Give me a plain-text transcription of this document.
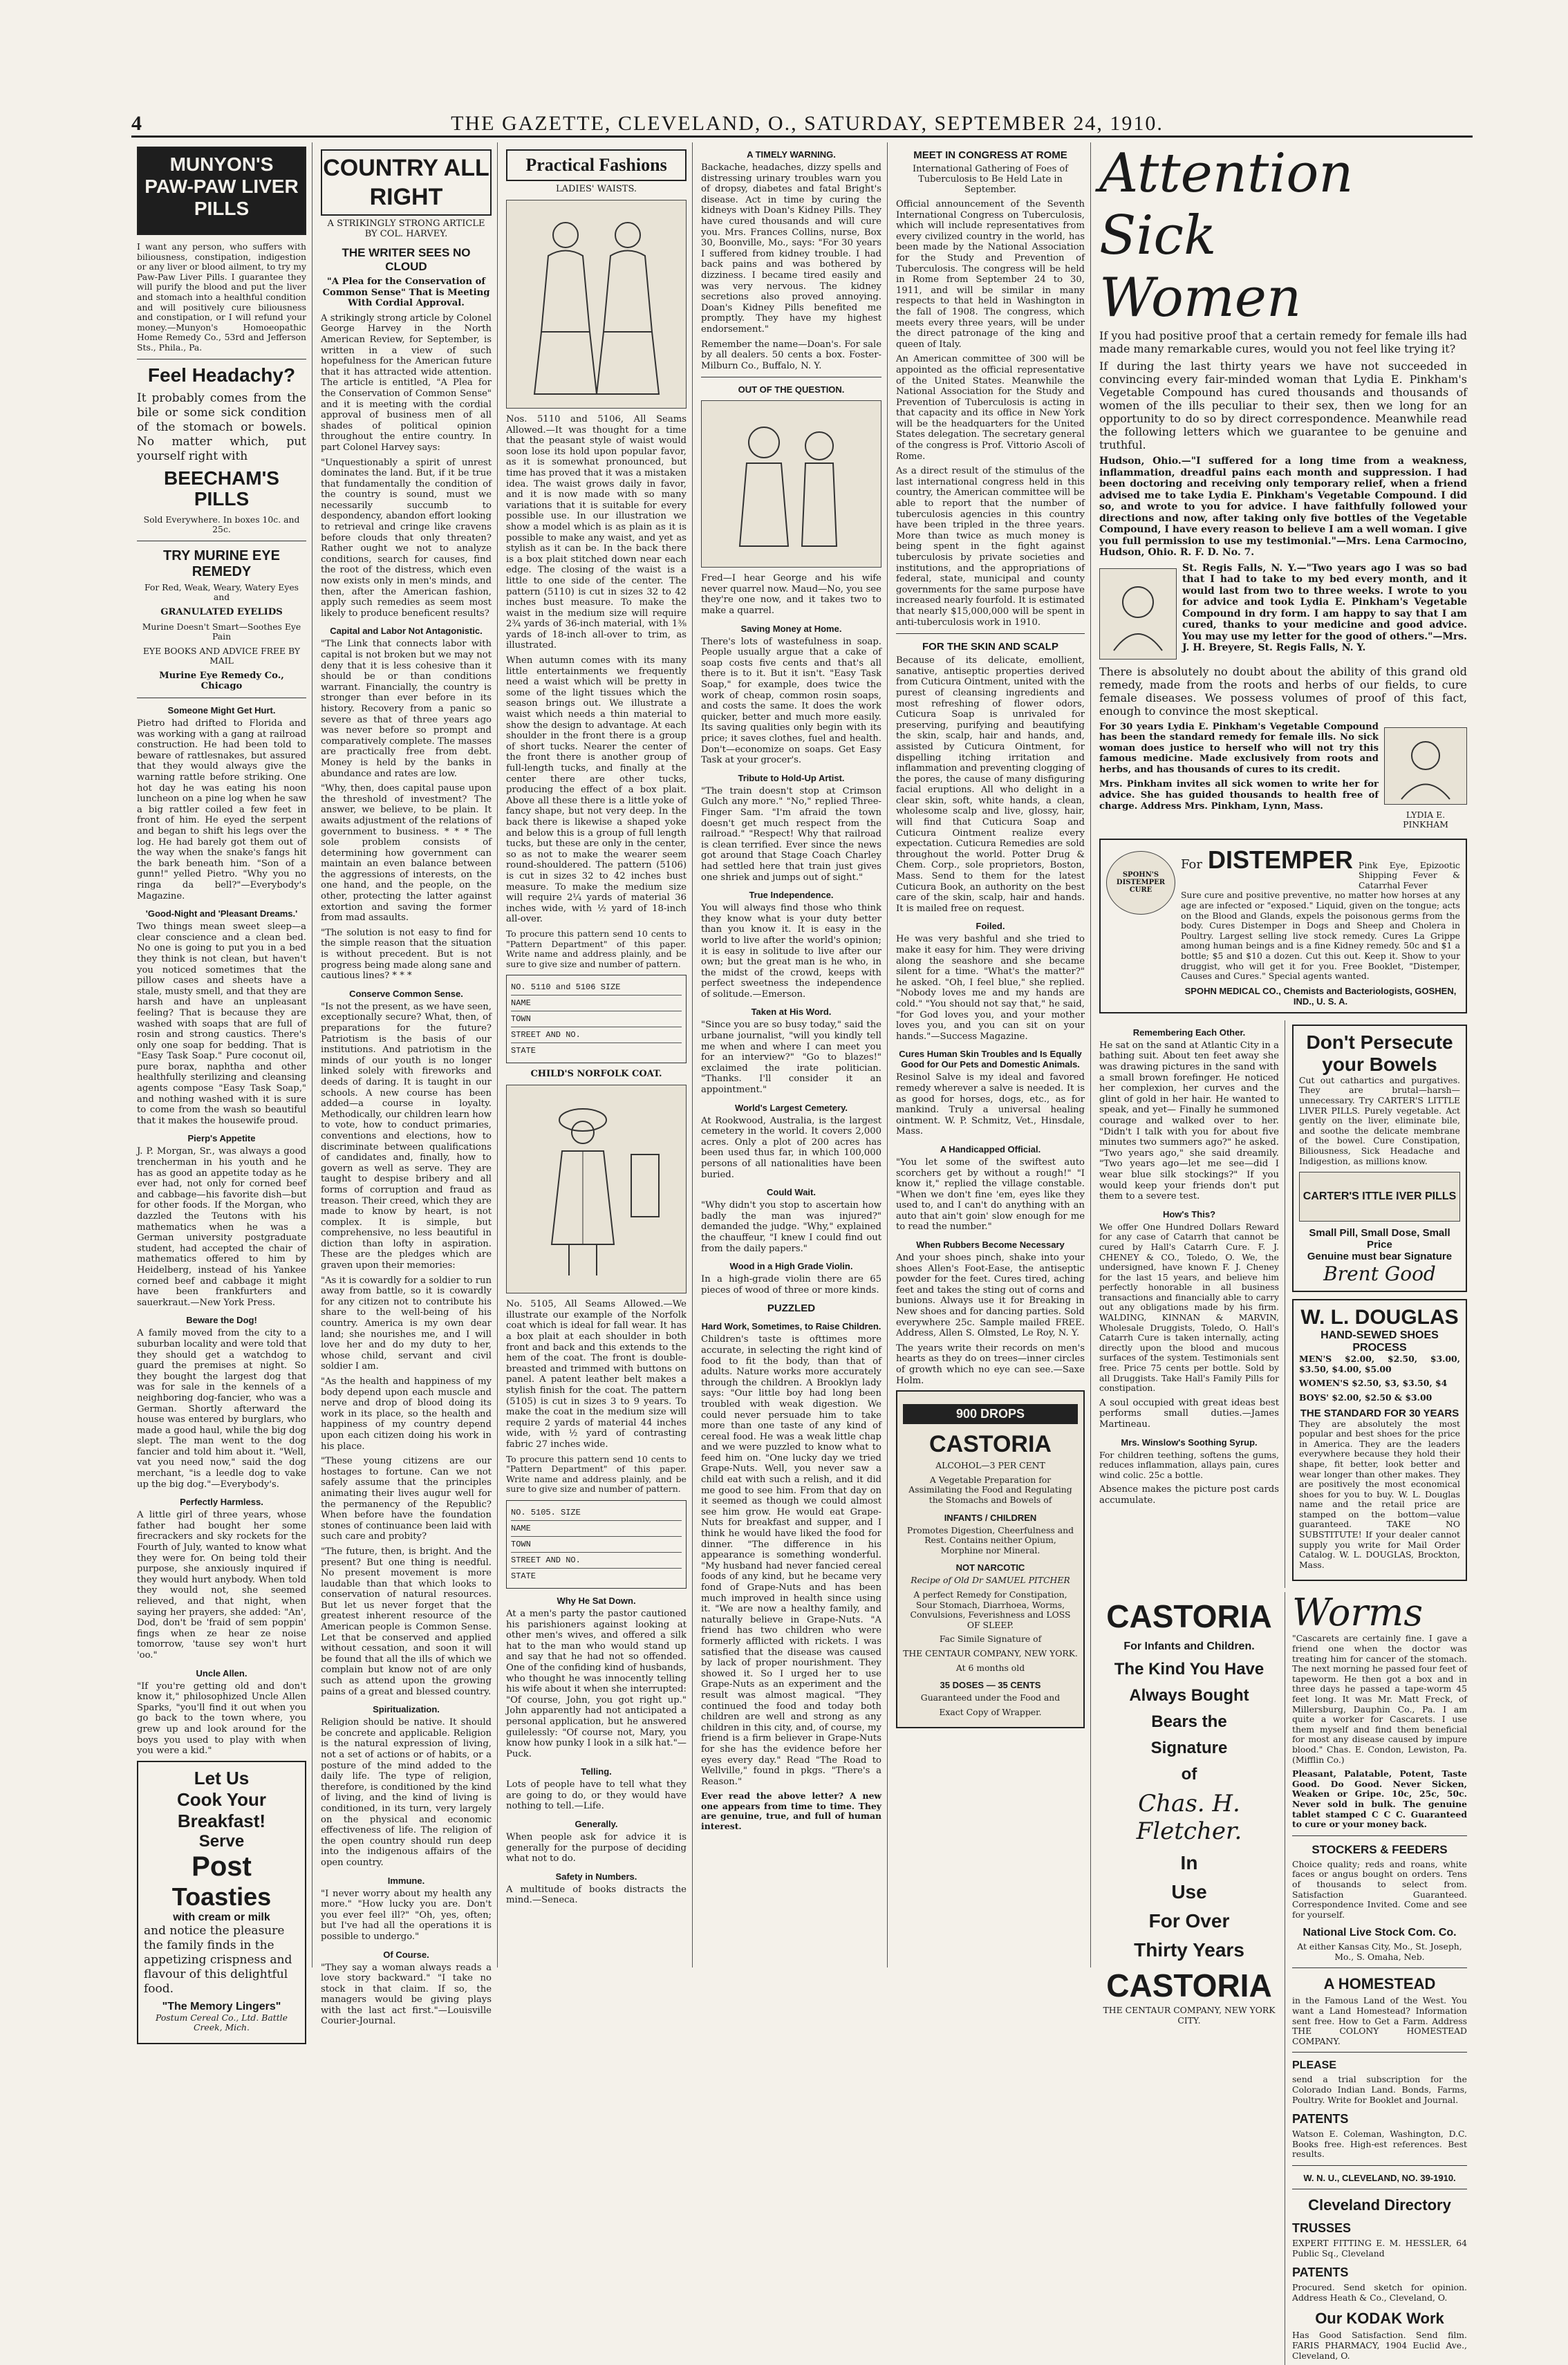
4	THE GAZETTE, CLEVELAND, O., SATURDAY, SEPTEMBER 24, 1910.
MUNYON'S PAW-PAW LIVER PILLS

I want any person, who suffers with biliousness, constipation, indigestion or any liver or blood ailment, to try my Paw-Paw Liver Pills. I guarantee they will purify the blood and put the liver and stomach into a healthful condition and will positively cure biliousness and constipation, or I will refund your money.—Munyon's Homoeopathic Home Remedy Co., 53rd and Jefferson Sts., Phila., Pa.

Feel Headachy?

It probably comes from the bile or some sick condition of the stomach or bowels. No matter which, put yourself right with

BEECHAM'S PILLS

Sold Everywhere. In boxes 10c. and 25c.

TRY MURINE EYE REMEDY

For Red, Weak, Weary, Watery Eyes and

GRANULATED EYELIDS

Murine Doesn't Smart—Soothes Eye Pain

EYE BOOKS AND ADVICE FREE BY MAIL

Murine Eye Remedy Co., Chicago

Someone Might Get Hurt.

Pietro had drifted to Florida and was working with a gang at railroad construction. He had been told to beware of rattlesnakes, but assured that they would always give the warning rattle before striking. One hot day he was eating his noon luncheon on a pine log when he saw a big rattler coiled a few feet in front of him. He eyed the serpent and began to shift his legs over the log. He had barely got them out of the way when the snake's fangs hit the bark beneath him. "Son of a gunn!" yelled Pietro. "Why you no ringa da bell?"—Everybody's Magazine.

'Good-Night and 'Pleasant Dreams.'

Two things mean sweet sleep—a clear conscience and a clean bed. No one is going to put you in a bed they think is not clean, but haven't you noticed sometimes that the pillow cases and sheets have a stale, musty smell, and that they are harsh and have an unpleasant feeling? That is because they are washed with soaps that are full of rosin and strong caustics. There's only one soap for bedding. That is "Easy Task Soap." Pure coconut oil, pure borax, naphtha and other healthfully sterilizing and cleansing agents compose "Easy Task Soap," and nothing washed with it is sure to come from the wash so beautiful that it makes the housewife proud.

Pierp's Appetite

J. P. Morgan, Sr., was always a good trencherman in his youth and he has as good an appetite today as he ever had, not only for corned beef and cabbage—his favorite dish—but for other foods. If the Morgan, who dazzled the Teutons with his mathematics when he was a German university postgraduate student, had accepted the chair of mathematics offered to him by Heidelberg, instead of his Yankee corned beef and cabbage it might have been frankfurters and sauerkraut.—New York Press.

Beware the Dog!

A family moved from the city to a suburban locality and were told that they should get a watchdog to guard the premises at night. So they bought the largest dog that was for sale in the kennels of a neighboring dog-fancier, who was a German. Shortly afterward the house was entered by burglars, who made a good haul, while the big dog slept. The man went to the dog fancier and told him about it. "Well, vat you need now," said the dog merchant, "is a leedle dog to vake up the big dog."—Everybody's.

Perfectly Harmless.

A little girl of three years, whose father had bought her some firecrackers and sky rockets for the Fourth of July, wanted to know what they were for. On being told their purpose, she anxiously inquired if they would hurt anybody. When told they would not, she seemed relieved, and that night, when saying her prayers, she added: "An', Dod, don't be 'fraid of sem poppin' fings when ze hear ze noise tomorrow, 'tause sey won't hurt 'oo."

Uncle Allen.

"If you're getting old and don't know it," philosophized Uncle Allen Sparks, "you'll find it out when you go back to the town where, you grew up and look around for the boys you used to play with when you were a kid."

Let Us
Cook Your
Breakfast!
Serve
Post
Toasties
with cream or milk

and notice the pleasure the family finds in the appetizing crispness and flavour of this delightful food.

"The Memory Lingers"

Postum Cereal Co., Ltd. Battle Creek, Mich.

COUNTRY ALL RIGHT
A STRIKINGLY STRONG ARTICLE BY COL. HARVEY.
THE WRITER SEES NO CLOUD

"A Plea for the Conservation of Common Sense" That is Meeting With Cordial Approval.

A strikingly strong article by Colonel George Harvey in the North American Review, for September, is written in a view of such hopefulness for the American future that it has attracted wide attention. The article is entitled, "A Plea for the Conservation of Common Sense" and it is meeting with the cordial approval of business men of all shades of political opinion throughout the entire country. In part Colonel Harvey says:

"Unquestionably a spirit of unrest dominates the land. But, if it be true that fundamentally the condition of the country is sound, must we necessarily succumb to despondency, abandon effort looking to retrieval and cringe like cravens before clouds that only threaten? Rather ought we not to analyze conditions, search for causes, find the root of the distress, which even now exists only in men's minds, and then, after the American fashion, apply such remedies as seem most likely to produce beneficent results?

Capital and Labor Not Antagonistic.

"The Link that connects labor with capital is not broken but we may not deny that it is less cohesive than it should be or than conditions warrant. Financially, the country is stronger than ever before in its history. Recovery from a panic so severe as that of three years ago was never before so prompt and comparatively complete. The masses are practically free from debt. Money is held by the banks in abundance and rates are low.

"Why, then, does capital pause upon the threshold of investment? The answer, we believe, to be plain. It awaits adjustment of the relations of government to business. * * * The sole problem consists of determining how government can maintain an even balance between the aggressions of interests, on the one hand, and the people, on the other, protecting the latter against extortion and saving the former from mad assaults.

"The solution is not easy to find for the simple reason that the situation is without precedent. But is not progress being made along sane and cautious lines? * * *

Conserve Common Sense.

"Is not the present, as we have seen, exceptionally secure? What, then, of preparations for the future? Patriotism is the basis of our institutions. And patriotism in the minds of our youth is no longer linked solely with fireworks and deeds of daring. It is taught in our schools. A new course has been added—a course in loyalty. Methodically, our children learn how to vote, how to conduct primaries, conventions and elections, how to discriminate between qualifications of candidates and, finally, how to govern as well as serve. They are taught to despise bribery and all forms of corruption and fraud as treason. Their creed, which they are made to know by heart, is not complex. It is simple, but comprehensive, no less beautiful in diction than lofty in aspiration. These are the pledges which are graven upon their memories:

"As it is cowardly for a soldier to run away from battle, so it is cowardly for any citizen not to contribute his share to the well-being of his country. America is my own dear land; she nourishes me, and I will love her and do my duty to her, whose child, servant and civil soldier I am.

"As the health and happiness of my body depend upon each muscle and nerve and drop of blood doing its work in its place, so the health and happiness of my country depend upon each citizen doing his work in his place.

"These young citizens are our hostages to fortune. Can we not safely assume that the principles animating their lives augur well for the permanency of the Republic? When before have the foundation stones of continuance been laid with such care and probity?

"The future, then, is bright. And the present? But one thing is needful. No present movement is more laudable than that which looks to conservation of natural resources. But let us never forget that the greatest inherent resource of the American people is Common Sense. Let that be conserved and applied without cessation, and soon it will be found that all the ills of which we complain but know not of are only such as attend upon the growing pains of a great and blessed country.

Spiritualization.

Religion should be native. It should be concrete and applicable. Religion is the natural expression of living, not a set of actions or of habits, or a posture of the mind added to the daily life. The type of religion, therefore, is conditioned by the kind of living, and the kind of living is conditioned, in its turn, very largely on the physical and economic effectiveness of life. The religion of the open country should run deep into the indigenous affairs of the open country.

Immune.

"I never worry about my health any more." "How lucky you are. Don't you ever feel ill?" "Oh, yes, often; but I've had all the operations it is possible to undergo."

Of Course.

"They say a woman always reads a love story backward." "I take no stock in that claim. If so, the managers would be giving plays with the last act first."—Louisville Courier-Journal.

Practical Fashions
LADIES' WAISTS.

Nos. 5110 and 5106, All Seams Allowed.—It was thought for a time that the peasant style of waist would soon lose its hold upon popular favor, as it is somewhat pronounced, but time has proved that it was a mistaken idea. The waist grows daily in favor, and it is now made with so many variations that it is suitable for every possible use. In our illustration we show a model which is as plain as it is possible to make any waist, and yet as stylish as it can be. In the back there is a box plait stitched down near each edge. The closing of the waist is a little to one side of the center. The pattern (5110) is cut in sizes 32 to 42 inches bust measure. To make the waist in the medium size will require 2¾ yards of 36-inch material, with 1⅜ yards of 18-inch all-over to trim, as illustrated.

When autumn comes with its many little entertainments we frequently need a waist which will be pretty in some of the light tissues which the season brings out. We illustrate a waist which needs a thin material to show the design to advantage. At each shoulder in the front there is a group of short tucks. Nearer the center of the front there is another group of full-length tucks, and finally at the center there are other tucks, producing the effect of a box plait. Above all these there is a little yoke of fancy shape, but not very deep. In the back there is likewise a shaped yoke and below this is a group of full length tucks, but these are only in the center, so as not to make the wearer seem round-shouldered. The pattern (5106) is cut in sizes 32 to 42 inches bust measure. To make the medium size will require 2¼ yards of material 36 inches wide, with ½ yard of 18-inch all-over.

To procure this pattern send 10 cents to "Pattern Department" of this paper. Write name and address plainly, and be sure to give size and number of pattern.

NO. 5110 and 5106 SIZE
NAME
TOWN
STREET AND NO.
STATE
CHILD'S NORFOLK COAT.

No. 5105, All Seams Allowed.—We illustrate our example of the Norfolk coat which is ideal for fall wear. It has a box plait at each shoulder in both front and back and this extends to the hem of the coat. The front is double-breasted and trimmed with buttons on panel. A patent leather belt makes a stylish finish for the coat. The pattern (5105) is cut in sizes 3 to 9 years. To make the coat in the medium size will require 2 yards of material 44 inches wide, with ½ yard of contrasting fabric 27 inches wide.

To procure this pattern send 10 cents to "Pattern Department" of this paper. Write name and address plainly, and be sure to give size and number of pattern.

NO. 5105. SIZE
NAME
TOWN
STREET AND NO.
STATE
Why He Sat Down.

At a men's party the pastor cautioned his parishioners against looking at other men's wives, and offered a silk hat to the man who would stand up and say that he had not so offended. One of the confiding kind of husbands, who thought he was innocently telling his wife about it when she interrupted: "Of course, John, you got right up." John apparently had not anticipated a personal application, but he answered guilelessly: "Of course not, Mary, you know how punky I look in a silk hat."—Puck.

Telling.

Lots of people have to tell what they are going to do, or they would have nothing to tell.—Life.

Generally.

When people ask for advice it is generally for the purpose of deciding what not to do.

Safety in Numbers.

A multitude of books distracts the mind.—Seneca.

A TIMELY WARNING.

Backache, headaches, dizzy spells and distressing urinary troubles warn you of dropsy, diabetes and fatal Bright's disease. Act in time by curing the kidneys with Doan's Kidney Pills. They have cured thousands and will cure you. Mrs. Frances Collins, nurse, Box 30, Boonville, Mo., says: "For 30 years I suffered from kidney trouble. I had back pains and was bothered by dizziness. I became tired easily and was very nervous. The kidney secretions also proved annoying. Doan's Kidney Pills benefited me promptly. They have my highest endorsement."

Remember the name—Doan's. For sale by all dealers. 50 cents a box. Foster-Milburn Co., Buffalo, N. Y.

OUT OF THE QUESTION.

Fred—I hear George and his wife never quarrel now. Maud—No, you see they're one now, and it takes two to make a quarrel.

Saving Money at Home.

There's lots of wastefulness in soap. People usually argue that a cake of soap costs five cents and that's all there is to it. But it isn't. "Easy Task Soap," for example, does twice the work of cheap, common rosin soaps, and costs the same. It does the work quicker, better and much more easily. Its saving qualities only begin with its price; it saves clothes, fuel and health. Don't—economize on soaps. Get Easy Task at your grocer's.

Tribute to Hold-Up Artist.

"The train doesn't stop at Crimson Gulch any more." "No," replied Three-Finger Sam. "I'm afraid the town doesn't get much respect from the railroad." "Respect! Why that railroad is clean terrified. Ever since the news got around that Stage Coach Charley had settled here that train just gives one shriek and jumps out of sight."

True Independence.

You will always find those who think they know what is your duty better than you know it. It is easy in the world to live after the world's opinion; it is easy in solitude to live after our own; but the great man is he who, in the midst of the crowd, keeps with perfect sweetness the independence of solitude.—Emerson.

Taken at His Word.

"Since you are so busy today," said the urbane journalist, "will you kindly tell me when and where I can meet you for an interview?" "Go to blazes!" exclaimed the irate politician. "Thanks. I'll consider it an appointment."

World's Largest Cemetery.

At Rookwood, Australia, is the largest cemetery in the world. It covers 2,000 acres. Only a plot of 200 acres has been used thus far, in which 100,000 persons of all nationalities have been buried.

Could Wait.

"Why didn't you stop to ascertain how badly the man was injured?" demanded the judge. "Why," explained the chauffeur, "I knew I could find out from the daily papers."

Wood in a High Grade Violin.

In a high-grade violin there are 65 pieces of wood of three or more kinds.

PUZZLED
Hard Work, Sometimes, to Raise Children.

Children's taste is ofttimes more accurate, in selecting the right kind of food to fit the body, than that of adults. Nature works more accurately through the children. A Brooklyn lady says: "Our little boy had long been troubled with weak digestion. We could never persuade him to take more than one taste of any kind of cereal food. He was a weak little chap and we were puzzled to know what to feed him on. "One lucky day we tried Grape-Nuts. Well, you never saw a child eat with such a relish, and it did me good to see him. From that day on it seemed as though we could almost see him grow. He would eat Grape-Nuts for breakfast and supper, and I think he would have liked the food for dinner. "The difference in his appearance is something wonderful. "My husband had never fancied cereal foods of any kind, but he became very fond of Grape-Nuts and has been much improved in health since using it. "We are now a healthy family, and naturally believe in Grape-Nuts. "A friend has two children who were formerly afflicted with rickets. I was satisfied that the disease was caused by lack of proper nourishment. They showed it. So I urged her to use Grape-Nuts as an experiment and the result was almost magical. "They continued the food and today both children are well and strong as any children in this city, and, of course, my friend is a firm believer in Grape-Nuts for she has the evidence before her eyes every day." Read "The Road to Wellville," found in pkgs. "There's a Reason."

Ever read the above letter? A new one appears from time to time. They are genuine, true, and full of human interest.

MEET IN CONGRESS AT ROME
International Gathering of Foes of Tuberculosis to Be Held Late in September.

Official announcement of the Seventh International Congress on Tuberculosis, which will include representatives from every civilized country in the world, has been made by the National Association for the Study and Prevention of Tuberculosis. The congress will be held in Rome from September 24 to 30, 1911, and will be similar in many respects to that held in Washington in the fall of 1908. The congress, which meets every three years, will be under the direct patronage of the king and queen of Italy.

An American committee of 300 will be appointed as the official representative of the United States. Meanwhile the National Association for the Study and Prevention of Tuberculosis is acting in that capacity and its office in New York will be the headquarters for the United States delegation. The secretary general of the congress is Prof. Vittorio Ascoli of Rome.

As a direct result of the stimulus of the last international congress held in this country, the American committee will be able to report that the number of tuberculosis agencies in this country have been tripled in the three years. More than twice as much money is being spent in the fight against tuberculosis by private societies and institutions, and the appropriations of federal, state, municipal and county governments for the same purpose have increased nearly fourfold. It is estimated that nearly $15,000,000 will be spent in anti-tuberculosis work in 1910.

FOR THE SKIN AND SCALP

Because of its delicate, emollient, sanative, antiseptic properties derived from Cuticura Ointment, united with the purest of cleansing ingredients and most refreshing of flower odors, Cuticura Soap is unrivaled for preserving, purifying and beautifying the skin, scalp, hair and hands, and, assisted by Cuticura Ointment, for dispelling itching irritation and inflammation and preventing clogging of the pores, the cause of many disfiguring facial eruptions. All who delight in a clear skin, soft, white hands, a clean, wholesome scalp and live, glossy, hair, will find that Cuticura Soap and Cuticura Ointment realize every expectation. Cuticura Remedies are sold throughout the world. Potter Drug & Chem. Corp., sole proprietors, Boston, Mass. Send to them for the latest Cuticura Book, an authority on the best care of the skin, scalp, hair and hands. It is mailed free on request.

Foiled.

He was very bashful and she tried to make it easy for him. They were driving along the seashore and she became silent for a time. "What's the matter?" he asked. "Oh, I feel blue," she replied. "Nobody loves me and my hands are cold." "You should not say that," he said, "for God loves you, and your mother loves you, and you can sit on your hands."—Success Magazine.

Cures Human Skin Troubles and Is Equally Good for Our Pets and Domestic Animals.

Resinol Salve is my ideal and favored remedy wherever a salve is needed. It is as good for horses, dogs, etc., as for mankind. Truly a universal healing ointment. W. P. Schmitz, Vet., Hinsdale, Mass.

A Handicapped Official.

"You let some of the swiftest auto scorchers get by without a rough!" "I know it," replied the village constable. "When we don't fine 'em, eyes like they used to, and I can't do anything with an auto that ain't goin' slow enough for me to read the number."

When Rubbers Become Necessary

And your shoes pinch, shake into your shoes Allen's Foot-Ease, the antiseptic powder for the feet. Cures tired, aching feet and takes the sting out of corns and bunions. Always use it for Breaking in New shoes and for dancing parties. Sold everywhere 25c. Sample mailed FREE. Address, Allen S. Olmsted, Le Roy, N. Y.

The years write their records on men's hearts as they do on trees—inner circles of growth which no eye can see.—Saxe Holm.

900 DROPS
CASTORIA
ALCOHOL—3 PER CENT
A Vegetable Preparation for Assimilating the Food and Regulating the Stomachs and Bowels of
INFANTS / CHILDREN
Promotes Digestion, Cheerfulness and Rest. Contains neither Opium, Morphine nor Mineral.
NOT NARCOTIC
Recipe of Old Dr SAMUEL PITCHER
A perfect Remedy for Constipation, Sour Stomach, Diarrhoea, Worms, Convulsions, Feverishness and LOSS OF SLEEP.
Fac Simile Signature of
THE CENTAUR COMPANY, NEW YORK.
At 6 months old
35 DOSES — 35 CENTS
Guaranteed under the Food and
Exact Copy of Wrapper.
Attention
Sick
Women

If you had positive proof that a certain remedy for female ills had made many remarkable cures, would you not feel like trying it?

If during the last thirty years we have not succeeded in convincing every fair-minded woman that Lydia E. Pinkham's Vegetable Compound has cured thousands and thousands of women of the ills peculiar to their sex, then we long for an opportunity to do so by direct correspondence. Meanwhile read the following letters which we guarantee to be genuine and truthful.

Hudson, Ohio.—"I suffered for a long time from a weakness, inflammation, dreadful pains each month and suppression. I had been doctoring and receiving only temporary relief, when a friend advised me to take Lydia E. Pinkham's Vegetable Compound. I did so, and wrote to you for advice. I have faithfully followed your directions and now, after taking only five bottles of the Vegetable Compound, I have every reason to believe I am a well woman. I give you full permission to use my testimonial."—Mrs. Lena Carmocino, Hudson, Ohio. R. F. D. No. 7.

St. Regis Falls, N. Y.—"Two years ago I was so bad that I had to take to my bed every month, and it would last from two to three weeks. I wrote to you for advice and took Lydia E. Pinkham's Vegetable Compound in dry form. I am happy to say that I am cured, thanks to your medicine and good advice. You may use my letter for the good of others."—Mrs. J. H. Breyere, St. Regis Falls, N. Y.

There is absolutely no doubt about the ability of this grand old remedy, made from the roots and herbs of our fields, to cure female diseases. We possess volumes of proof of this fact, enough to convince the most skeptical.

For 30 years Lydia E. Pinkham's Vegetable Compound has been the standard remedy for female ills. No sick woman does justice to herself who will not try this famous medicine. Made exclusively from roots and herbs, and has thousands of cures to its credit.

Mrs. Pinkham invites all sick women to write her for advice. She has guided thousands to health free of charge. Address Mrs. Pinkham, Lynn, Mass.

LYDIA E. PINKHAM
SPOHN'S DISTEMPER CURE
For DISTEMPER Pink Eye, Epizootic Shipping Fever & Catarrhal Fever

Sure cure and positive preventive, no matter how horses at any age are infected or "exposed." Liquid, given on the tongue; acts on the Blood and Glands, expels the poisonous germs from the body. Cures Distemper in Dogs and Sheep and Cholera in Poultry. Largest selling live stock remedy. Cures La Grippe among human beings and is a fine Kidney remedy. 50c and $1 a bottle; $5 and $10 a dozen. Cut this out. Keep it. Show to your druggist, who will get it for you. Free Booklet, "Distemper, Causes and Cures." Special agents wanted.

SPOHN MEDICAL CO., Chemists and Bacteriologists, GOSHEN, IND., U. S. A.
Remembering Each Other.

He sat on the sand at Atlantic City in a bathing suit. About ten feet away she was drawing pictures in the sand with a small brown forefinger. He noticed her complexion, her curves and the glint of gold in her hair. He wanted to speak, and yet— Finally he summoned courage and walked over to her. "Didn't I talk with you for about five minutes two summers ago?" he asked. "Two years ago," she said dreamily. "Two years ago—let me see—did I wear blue silk stockings?" If you would keep your friends don't put them to a severe test.

How's This?

We offer One Hundred Dollars Reward for any case of Catarrh that cannot be cured by Hall's Catarrh Cure. F. J. CHENEY & CO., Toledo, O. We, the undersigned, have known F. J. Cheney for the last 15 years, and believe him perfectly honorable in all business transactions and financially able to carry out any obligations made by his firm. WALDING, KINNAN & MARVIN, Wholesale Druggists, Toledo, O. Hall's Catarrh Cure is taken internally, acting directly upon the blood and mucous surfaces of the system. Testimonials sent free. Price 75 cents per bottle. Sold by all Druggists. Take Hall's Family Pills for constipation.

A soul occupied with great ideas best performs small duties.—James Martineau.

Mrs. Winslow's Soothing Syrup.

For children teething, softens the gums, reduces inflammation, allays pain, cures wind colic. 25c a bottle.

Absence makes the picture post cards accumulate.

Don't Persecute
your Bowels

Cut out cathartics and purgatives. They are brutal—harsh—unnecessary. Try CARTER'S LITTLE LIVER PILLS. Purely vegetable. Act gently on the liver, eliminate bile, and soothe the delicate membrane of the bowel. Cure Constipation, Biliousness, Sick Headache and Indigestion, as millions know.

CARTER'S ITTLE IVER PILLS
Small Pill, Small Dose, Small Price
Genuine must bear Signature
Brent Good
W. L. DOUGLAS
HAND-SEWED SHOES PROCESS
MEN'S $2.00, $2.50, $3.00, $3.50, $4.00, $5.00
WOMEN'S $2.50, $3, $3.50, $4
BOYS' $2.00, $2.50 & $3.00
THE STANDARD FOR 30 YEARS

They are absolutely the most popular and best shoes for the price in America. They are the leaders everywhere because they hold their shape, fit better, look better and wear longer than other makes. They are positively the most economical shoes for you to buy. W. L. Douglas name and the retail price are stamped on the bottom—value guaranteed. TAKE NO SUBSTITUTE! If your dealer cannot supply you write for Mail Order Catalog. W. L. DOUGLAS, Brockton, Mass.

CASTORIA
For Infants and Children.
The Kind You Have
Always Bought
Bears the
Signature
of
Chas. H. Fletcher.
In
Use
For Over
Thirty Years
CASTORIA
THE CENTAUR COMPANY, NEW YORK CITY.
Worms

"Cascarets are certainly fine. I gave a friend one when the doctor was treating him for cancer of the stomach. The next morning he passed four feet of tapeworm. He then got a box and in three days he passed a tape-worm 45 feet long. It was Mr. Matt Freck, of Millersburg, Dauphin Co., Pa. I am quite a worker for Cascarets. I use them myself and find them beneficial for most any disease caused by impure blood." Chas. E. Condon, Lewiston, Pa. (Mifflin Co.)

Pleasant, Palatable, Potent, Taste Good. Do Good. Never Sicken, Weaken or Gripe. 10c, 25c, 50c. Never sold in bulk. The genuine tablet stamped C C C. Guaranteed to cure or your money back.

STOCKERS & FEEDERS

Choice quality; reds and roans, white faces or angus bought on orders. Tens of thousands to select from. Satisfaction Guaranteed. Correspondence Invited. Come and see for yourself.

National Live Stock Com. Co.

At either Kansas City, Mo., St. Joseph, Mo., S. Omaha, Neb.

A HOMESTEAD

in the Famous Land of the West. You want a Land Homestead? Information sent free. How to Get a Farm. Address THE COLONY HOMESTEAD COMPANY.

PLEASE

send a trial subscription for the Colorado Indian Land. Bonds, Farms, Poultry. Write for Booklet and Journal.

PATENTS

Watson E. Coleman, Washington, D.C. Books free. High-est references. Best results.

W. N. U., CLEVELAND, NO. 39-1910.
Cleveland Directory
TRUSSES

EXPERT FITTING E. M. HESSLER, 64 Public Sq., Cleveland

PATENTS

Procured. Send sketch for opinion. Address Heath & Co., Cleveland, O.

Our KODAK Work

Has Good Satisfaction. Send film. FARIS PHARMACY, 1904 Euclid Ave., Cleveland, O.
